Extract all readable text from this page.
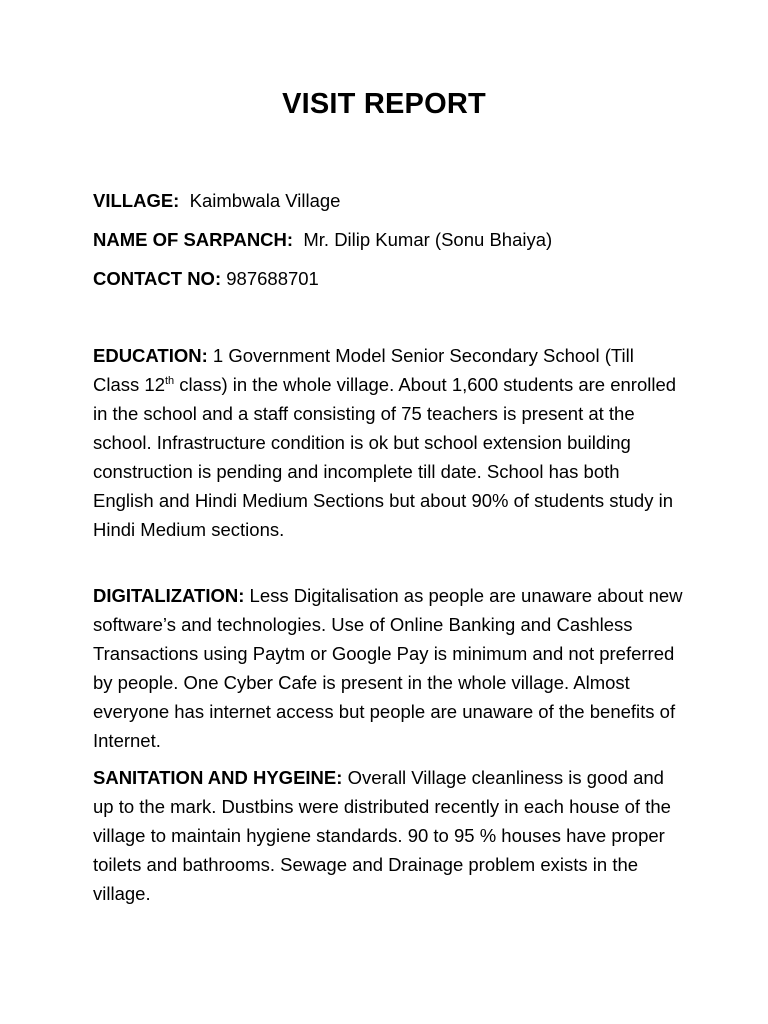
VISIT REPORT
VILLAGE: Kaimbwala Village
NAME OF SARPANCH: Mr. Dilip Kumar (Sonu Bhaiya)
CONTACT NO: 987688701

EDUCATION: 1 Government Model Senior Secondary School (Till Class 12th class) in the whole village. About 1,600 students are enrolled in the school and a staff consisting of 75 teachers is present at the school. Infrastructure condition is ok but school extension building construction is pending and incomplete till date. School has both English and Hindi Medium Sections but about 90% of students study in Hindi Medium sections.

DIGITALIZATION: Less Digitalisation as people are unaware about new software’s and technologies. Use of Online Banking and Cashless Transactions using Paytm or Google Pay is minimum and not preferred by people. One Cyber Cafe is present in the whole village. Almost everyone has internet access but people are unaware of the benefits of Internet.

SANITATION AND HYGEINE: Overall Village cleanliness is good and up to the mark. Dustbins were distributed recently in each house of the village to maintain hygiene standards. 90 to 95 % houses have proper toilets and bathrooms. Sewage and Drainage problem exists in the village.
